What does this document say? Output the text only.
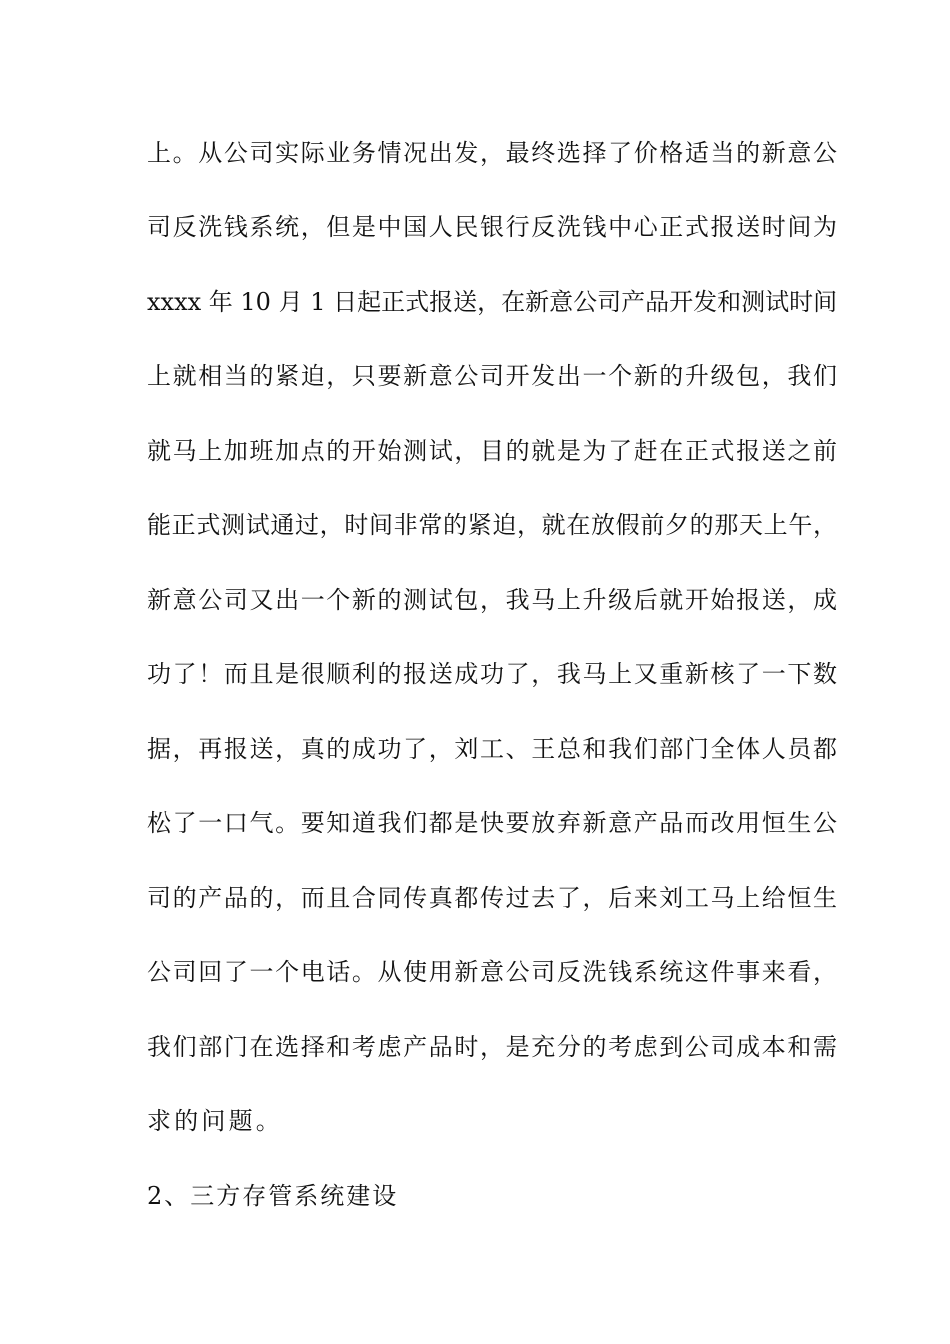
上。从公司实际业务情况出发，最终选择了价格适当的新意公
司反洗钱系统，但是中国人民银行反洗钱中心正式报送时间为
xxxx 年 10 月 1 日起正式报送，在新意公司产品开发和测试时间
上就相当的紧迫，只要新意公司开发出一个新的升级包，我们
就马上加班加点的开始测试，目的就是为了赶在正式报送之前
能正式测试通过，时间非常的紧迫，就在放假前夕的那天上午，
新意公司又出一个新的测试包，我马上升级后就开始报送，成
功了！而且是很顺利的报送成功了，我马上又重新核了一下数
据，再报送，真的成功了，刘工、王总和我们部门全体人员都
松了一口气。要知道我们都是快要放弃新意产品而改用恒生公
司的产品的，而且合同传真都传过去了，后来刘工马上给恒生
公司回了一个电话。从使用新意公司反洗钱系统这件事来看，
我们部门在选择和考虑产品时，是充分的考虑到公司成本和需
求的问题。
2、三方存管系统建设
